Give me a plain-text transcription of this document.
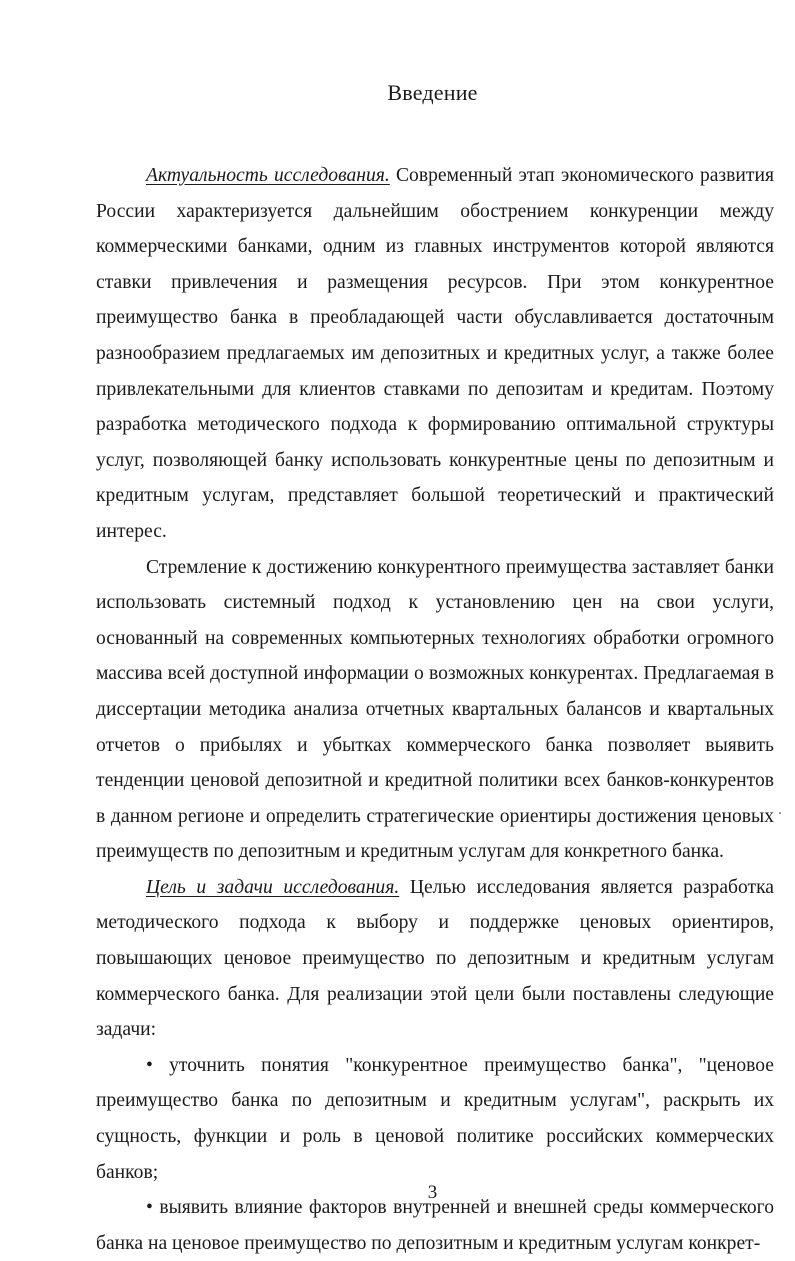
Введение

Актуальность исследования. Современный этап экономического развития России характеризуется дальнейшим обострением конкуренции между коммерческими банками, одним из главных инструментов которой являются ставки привлечения и размещения ресурсов. При этом конкурентное преимущество банка в преобладающей части обуславливается достаточным разнообразием предлагаемых им депозитных и кредитных услуг, а также более привлекательными для клиентов ставками по депозитам и кредитам. Поэтому разработка методического подхода к формированию оптимальной структуры услуг, позволяющей банку использовать конкурентные цены по депозитным и кредитным услугам, представляет большой теоретический и практический интерес.

Стремление к достижению конкурентного преимущества заставляет банки использовать системный подход к установлению цен на свои услуги, основанный на современных компьютерных технологиях обработки огромного массива всей доступной информации о возможных конкурентах. Предлагаемая в диссертации методика анализа отчетных квартальных балансов и квартальных отчетов о прибылях и убытках коммерческого банка позволяет выявить тенденции ценовой депозитной и кредитной политики всех банков-конкурентов в данном регионе и определить стратегические ориентиры достижения ценовых преимуществ по депозитным и кредитным услугам для конкретного банка.

Цель и задачи исследования. Целью исследования является разработка методического подхода к выбору и поддержке ценовых ориентиров, повышающих ценовое преимущество по депозитным и кредитным услугам коммерческого банка. Для реализации этой цели были поставлены следующие задачи:

• уточнить понятия "конкурентное преимущество банка", "ценовое преимущество банка по депозитным и кредитным услугам", раскрыть их сущность, функции и роль в ценовой политике российских коммерческих банков;

• выявить влияние факторов внутренней и внешней среды коммерческого банка на ценовое преимущество по депозитным и кредитным услугам конкрет-

3
